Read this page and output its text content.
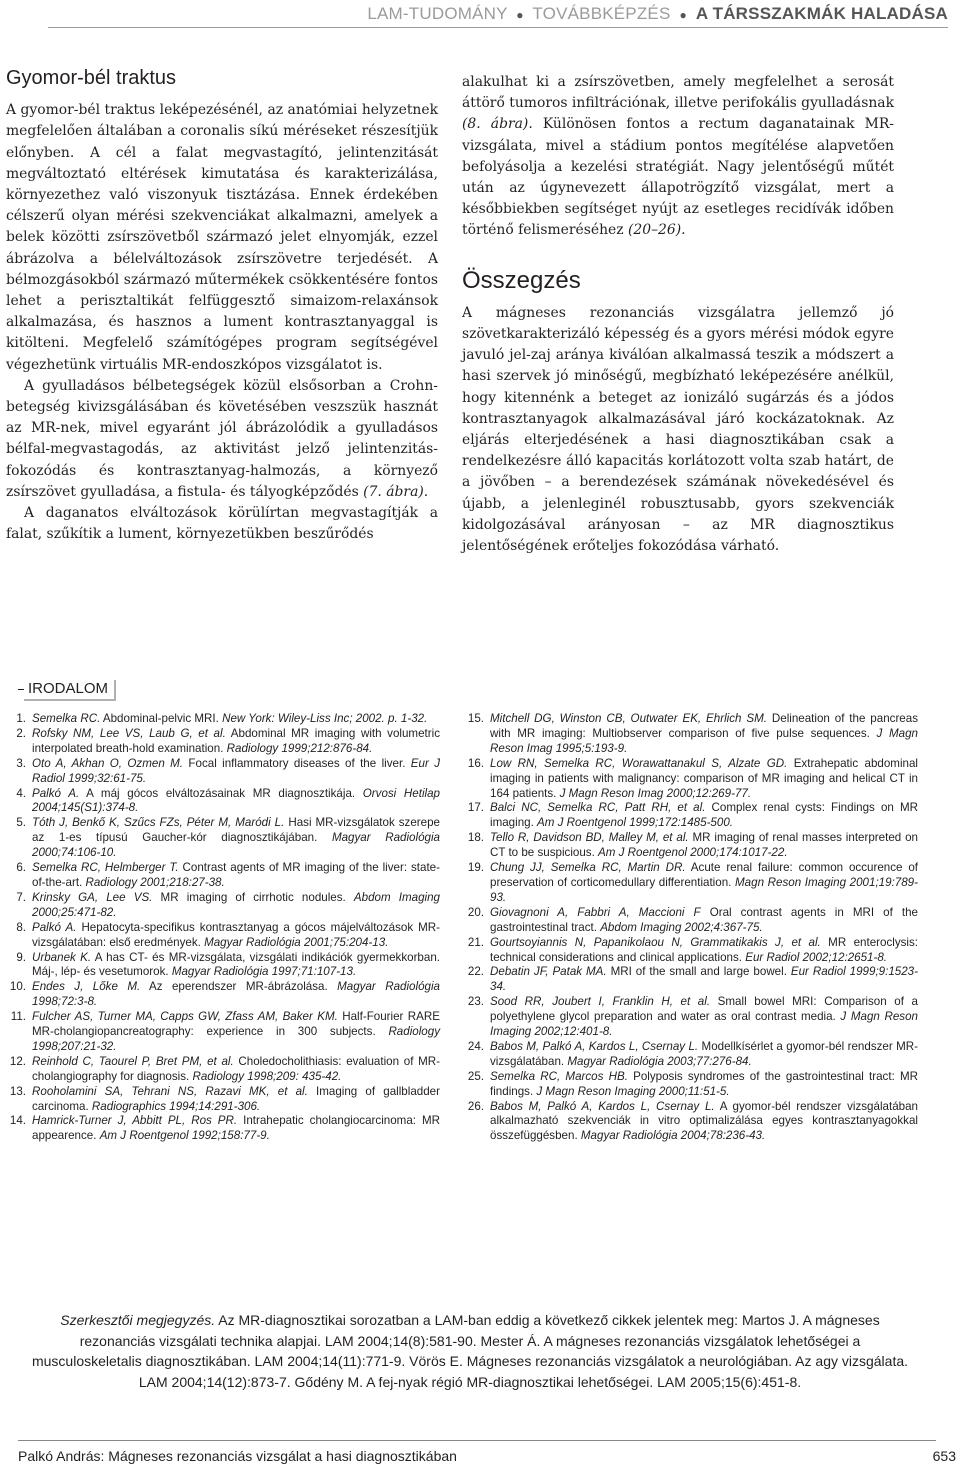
LAM-TUDOMÁNY ● TOVÁBBKÉPZÉS ● A TÁRSSZAKMÁK HALADÁSA
Gyomor-bél traktus

A gyomor-bél traktus leképezésénél, az anatómiai helyzetnek megfelelően általában a coronalis síkú méréseket részesítjük előnyben. A cél a falat megvastagító, jelintenzitását megváltoztató eltérések kimutatása és karakterizálása, környezethez való viszonyuk tisztázása. Ennek érdekében célszerű olyan mérési szekvenciákat alkalmazni, amelyek a belek közötti zsírszövetből származó jelet elnyomják, ezzel ábrázolva a bélelváltozások zsírszövetre terjedését. A bélmozgásokból származó műtermékek csökkentésére fontos lehet a perisztaltikát felfüggesztő simaizom-relaxánsok alkalmazása, és hasznos a lument kontrasztanyaggal is kitölteni. Megfelelő számítógépes program segítségével végezhetünk virtuális MR-endoszkópos vizsgálatot is.

A gyulladásos bélbetegségek közül elsősorban a Crohn-betegség kivizsgálásában és követésében veszszük hasznát az MR-nek, mivel egyaránt jól ábrázolódik a gyulladásos bélfal-megvastagodás, az aktivitást jelző jelintenzitás-fokozódás és kontrasztanyag-halmozás, a környező zsírszövet gyulladása, a fistula- és tályogképződés (7. ábra).

A daganatos elváltozások körülírtan megvastagítják a falat, szűkítik a lument, környezetükben beszűrődés

alakulhat ki a zsírszövetben, amely megfelelhet a serosát áttörő tumoros infiltrációnak, illetve perifokális gyulladásnak (8. ábra). Különösen fontos a rectum daganatainak MR-vizsgálata, mivel a stádium pontos megítélése alapvetően befolyásolja a kezelési stratégiát. Nagy jelentőségű műtét után az úgynevezett állapotrögzítő vizsgálat, mert a későbbiekben segítséget nyújt az esetleges recidívák időben történő felismeréséhez (20–26).

Összegzés

A mágneses rezonanciás vizsgálatra jellemző jó szövetkarakterizáló képesség és a gyors mérési módok egyre javuló jel-zaj aránya kiválóan alkalmassá teszik a módszert a hasi szervek jó minőségű, megbízható leképezésére anélkül, hogy kitennénk a beteget az ionizáló sugárzás és a jódos kontrasztanyagok alkalmazásával járó kockázatoknak. Az eljárás elterjedésének a hasi diagnosztikában csak a rendelkezésre álló kapacitás korlátozott volta szab határt, de a jövőben – a berendezések számának növekedésével és újabb, a jelenleginél robusztusabb, gyors szekvenciák kidolgozásával arányosan – az MR diagnosztikus jelentőségének erőteljes fokozódása várható.

IRODALOM
1. Semelka RC. Abdominal-pelvic MRI. New York: Wiley-Liss Inc; 2002. p. 1-32.
2. Rofsky NM, Lee VS, Laub G, et al. Abdominal MR imaging with volumetric interpolated breath-hold examination. Radiology 1999;212:876-84.
3. Oto A, Akhan O, Ozmen M. Focal inflammatory diseases of the liver. Eur J Radiol 1999;32:61-75.
4. Palkó A. A máj gócos elváltozásainak MR diagnosztikája. Orvosi Hetilap 2004;145(S1):374-8.
5. Tóth J, Benkő K, Szűcs FZs, Péter M, Maródi L. Hasi MR-vizsgálatok szerepe az 1-es típusú Gaucher-kór diagnosztikájában. Magyar Radiológia 2000;74:106-10.
6. Semelka RC, Helmberger T. Contrast agents of MR imaging of the liver: state-of-the-art. Radiology 2001;218:27-38.
7. Krinsky GA, Lee VS. MR imaging of cirrhotic nodules. Abdom Imaging 2000;25:471-82.
8. Palkó A. Hepatocyta-specifikus kontrasztanyag a gócos májelváltozások MR-vizsgálatában: első eredmények. Magyar Radiológia 2001;75:204-13.
9. Urbanek K. A has CT- és MR-vizsgálata, vizsgálati indikációk gyermekkorban. Máj-, lép- és vesetumorok. Magyar Radiológia 1997;71:107-13.
10. Endes J, Lőke M. Az eperendszer MR-ábrázolása. Magyar Radiológia 1998;72:3-8.
11. Fulcher AS, Turner MA, Capps GW, Zfass AM, Baker KM. Half-Fourier RARE MR-cholangiopancreatography: experience in 300 subjects. Radiology 1998;207:21-32.
12. Reinhold C, Taourel P, Bret PM, et al. Choledocholithiasis: evaluation of MR-cholangiography for diagnosis. Radiology 1998;209: 435-42.
13. Rooholamini SA, Tehrani NS, Razavi MK, et al. Imaging of gallbladder carcinoma. Radiographics 1994;14:291-306.
14. Hamrick-Turner J, Abbitt PL, Ros PR. Intrahepatic cholangiocarcinoma: MR appearence. Am J Roentgenol 1992;158:77-9.
15. Mitchell DG, Winston CB, Outwater EK, Ehrlich SM. Delineation of the pancreas with MR imaging: Multiobserver comparison of five pulse sequences. J Magn Reson Imag 1995;5:193-9.
16. Low RN, Semelka RC, Worawattanakul S, Alzate GD. Extrahepatic abdominal imaging in patients with malignancy: comparison of MR imaging and helical CT in 164 patients. J Magn Reson Imag 2000;12:269-77.
17. Balci NC, Semelka RC, Patt RH, et al. Complex renal cysts: Findings on MR imaging. Am J Roentgenol 1999;172:1485-500.
18. Tello R, Davidson BD, Malley M, et al. MR imaging of renal masses interpreted on CT to be suspicious. Am J Roentgenol 2000;174:1017-22.
19. Chung JJ, Semelka RC, Martin DR. Acute renal failure: common occurence of preservation of corticomedullary differentiation. Magn Reson Imaging 2001;19:789-93.
20. Giovagnoni A, Fabbri A, Maccioni F Oral contrast agents in MRI of the gastrointestinal tract. Abdom Imaging 2002;4:367-75.
21. Gourtsoyiannis N, Papanikolaou N, Grammatikakis J, et al. MR enteroclysis: technical considerations and clinical applications. Eur Radiol 2002;12:2651-8.
22. Debatin JF, Patak MA. MRI of the small and large bowel. Eur Radiol 1999;9:1523-34.
23. Sood RR, Joubert I, Franklin H, et al. Small bowel MRI: Comparison of a polyethylene glycol preparation and water as oral contrast media. J Magn Reson Imaging 2002;12:401-8.
24. Babos M, Palkó A, Kardos L, Csernay L. Modellkísérlet a gyomor-bél rendszer MR-vizsgálatában. Magyar Radiológia 2003;77:276-84.
25. Semelka RC, Marcos HB. Polyposis syndromes of the gastrointestinal tract: MR findings. J Magn Reson Imaging 2000;11:51-5.
26. Babos M, Palkó A, Kardos L, Csernay L. A gyomor-bél rendszer vizsgálatában alkalmazható szekvenciák in vitro optimalizálása egyes kontrasztanyagokkal összefüggésben. Magyar Radiológia 2004;78:236-43.
Szerkesztői megjegyzés. Az MR-diagnosztikai sorozatban a LAM-ban eddig a következő cikkek jelentek meg: Martos J. A mágneses rezonanciás vizsgálati technika alapjai. LAM 2004;14(8):581-90. Mester Á. A mágneses rezonanciás vizsgálatok lehetőségei a musculoskeletalis diagnosztikában. LAM 2004;14(11):771-9. Vörös E. Mágneses rezonanciás vizsgálatok a neurológiában. Az agy vizsgálata. LAM 2004;14(12):873-7. Gődény M. A fej-nyak régió MR-diagnosztikai lehetőségei. LAM 2005;15(6):451-8.
Palkó András: Mágneses rezonanciás vizsgálat a hasi diagnosztikában	653
